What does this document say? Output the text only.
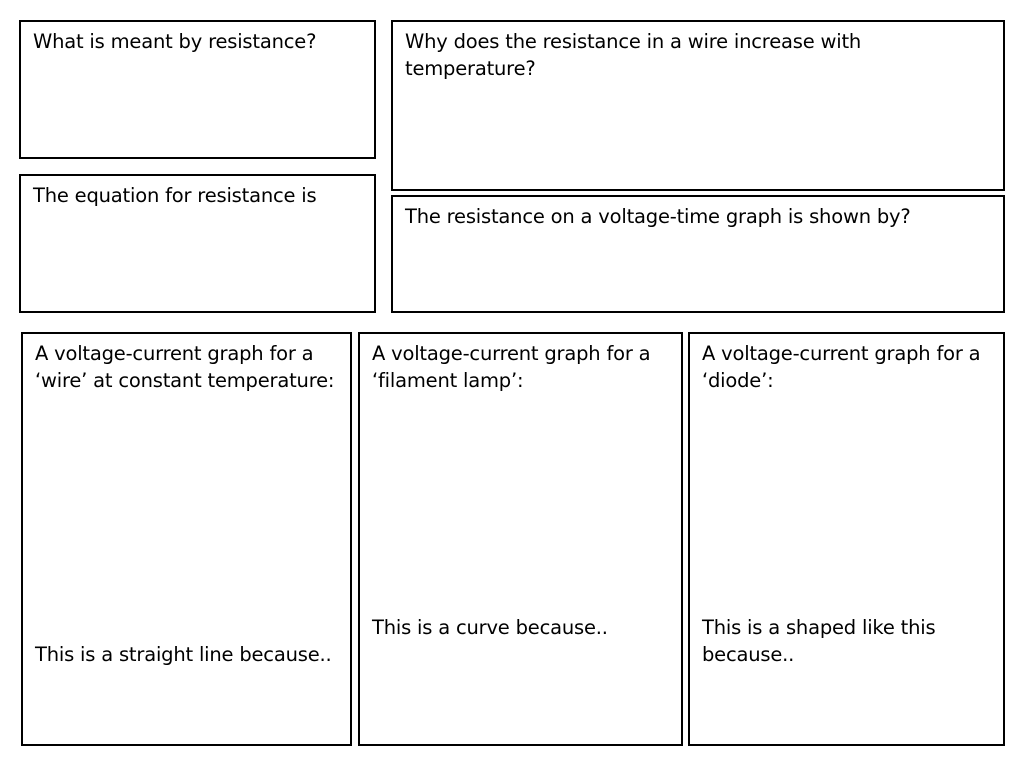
What is meant by resistance?	Why does the resistance in a wire increase with temperature?
The equation for resistance is
The resistance on a voltage-time graph is shown by?
A voltage-current graph for a ‘wire’ at constant temperature:
This is a straight line because..
A voltage-current graph for a ‘filament lamp’:
This is a curve because..
A voltage-current graph for a ‘diode’:
This is a shaped like this because..
